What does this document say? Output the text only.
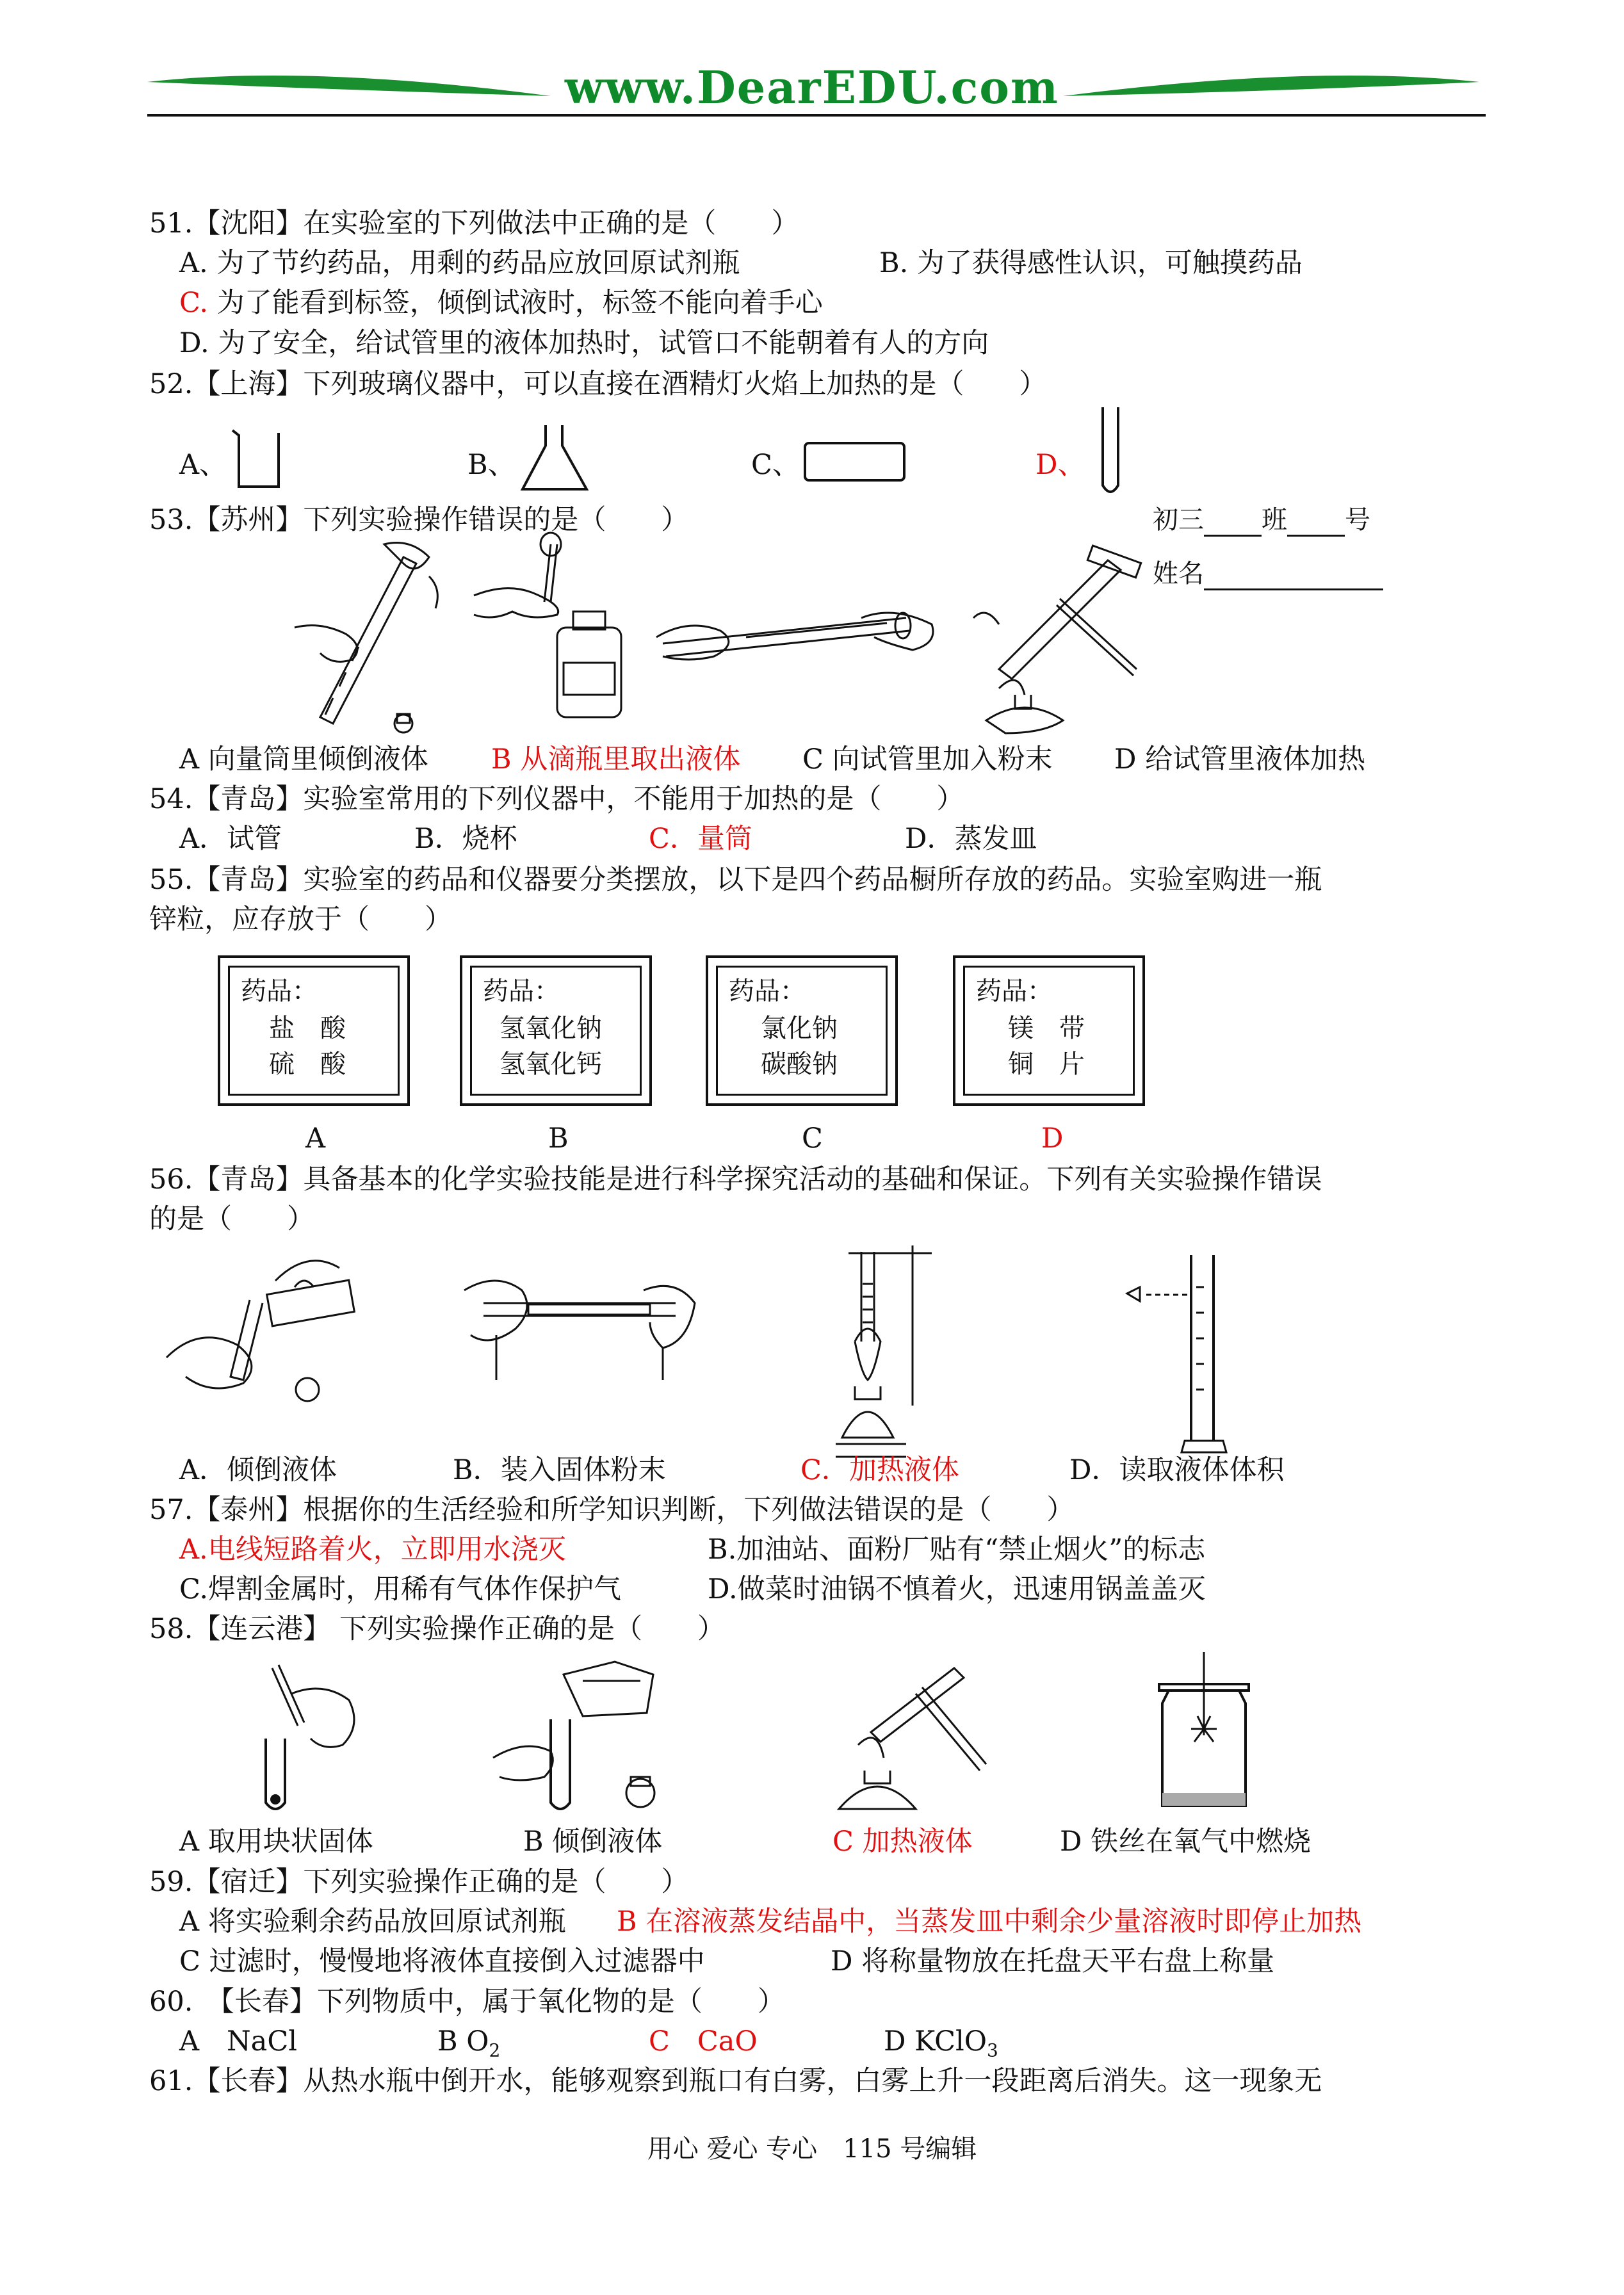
www.DearEDU.com
51.【沈阳】在实验室的下列做法中正确的是（　　）
A. 为了节约药品，用剩的药品应放回原试剂瓶	B. 为了获得感性认识，可触摸药品
C. 为了能看到标签，倾倒试液时，标签不能向着手心
D. 为了安全，给试管里的液体加热时，试管口不能朝着有人的方向
52.【上海】下列玻璃仪器中，可以直接在酒精灯火焰上加热的是（　　）
A、	B、	C、	D、
53.【苏州】下列实验操作错误的是（　　）	初三 班 号
姓名
A 向量筒里倾倒液体 B 从滴瓶里取出液体 C 向试管里加入粉末 D 给试管里液体加热
54.【青岛】实验室常用的下列仪器中，不能用于加热的是（　　）
A．试管	B．烧杯	C．量筒	D．蒸发皿
55.【青岛】实验室的药品和仪器要分类摆放，以下是四个药品橱所存放的药品。实验室购进一瓶
锌粒，应存放于（　　）
药品：
盐　酸
硫　酸
药品：
氢氧化钠
氢氧化钙
药品：
氯化钠
碳酸钠
药品：
镁　带
铜　片
A	B	C	D
56.【青岛】具备基本的化学实验技能是进行科学探究活动的基础和保证。下列有关实验操作错误
的是（　　）
A．倾倒液体	B．装入固体粉末	C．加热液体	D．读取液体体积
57.【泰州】根据你的生活经验和所学知识判断，下列做法错误的是（　　）
A.电线短路着火，立即用水浇灭	B.加油站、面粉厂贴有“禁止烟火”的标志
C.焊割金属时，用稀有气体作保护气	D.做菜时油锅不慎着火，迅速用锅盖盖灭
58.【连云港】 下列实验操作正确的是（　　）
A 取用块状固体	B 倾倒液体	C 加热液体	D 铁丝在氧气中燃烧
59.【宿迁】下列实验操作正确的是（　　）
A 将实验剩余药品放回原试剂瓶 B 在溶液蒸发结晶中，当蒸发皿中剩余少量溶液时即停止加热
C 过滤时，慢慢地将液体直接倒入过滤器中	D 将称量物放在托盘天平右盘上称量
60.　【长春】下列物质中，属于氧化物的是（　　）
A　NaCl	B $O_2$	C　CaO	D KClO$_3$
61.【长春】从热水瓶中倒开水，能够观察到瓶口有白雾，白雾上升一段距离后消失。这一现象无
用心 爱心 专心　115 号编辑
